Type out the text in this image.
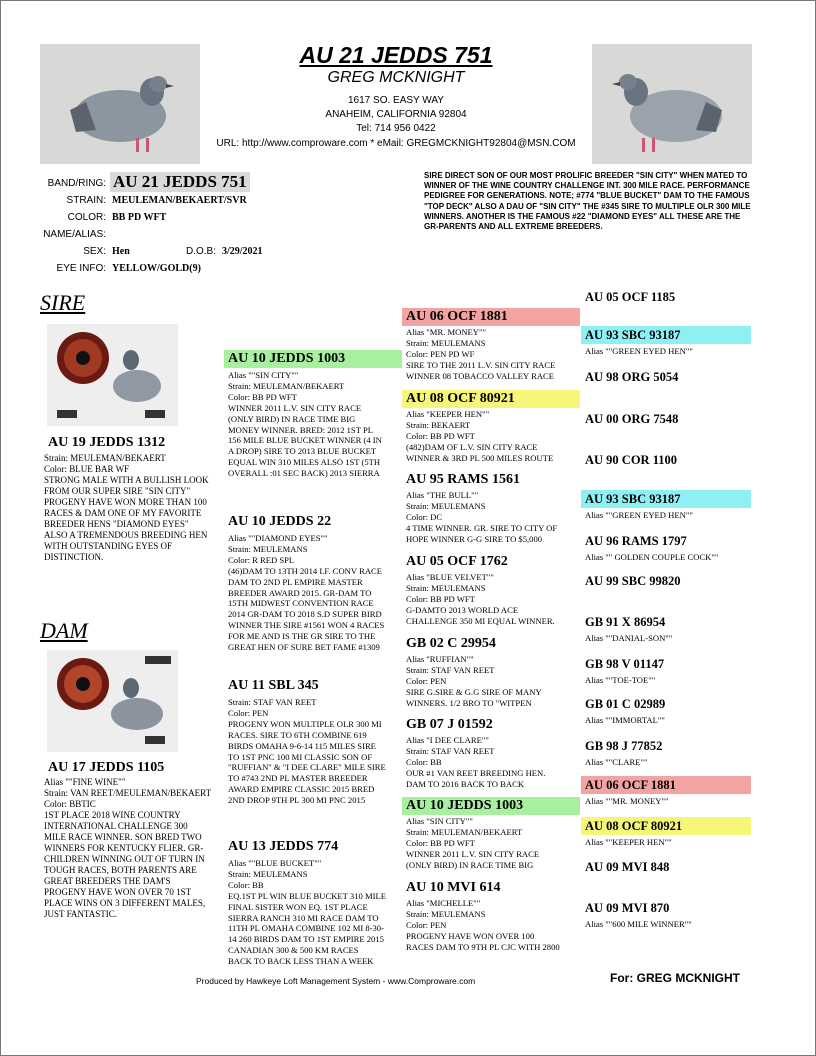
AU 21 JEDDS 751
GREG MCKNIGHT
1617 SO. EASY WAY
ANAHEIM, CALIFORNIA 92804
Tel: 714 956 0422
URL: http://www.comproware.com * eMail: GREGMCKNIGHT92804@MSN.COM
BAND/RING: AU 21 JEDDS 751
STRAIN: MEULEMAN/BEKAERT/SVR
COLOR: BB PD WFT
NAME/ALIAS:
SEX: Hen	D.O.B: 3/29/2021
EYE INFO: YELLOW/GOLD(9)
SIRE DIRECT SON OF OUR MOST PROLIFIC BREEDER "SIN CITY" WHEN MATED TO WINNER OF THE WINE COUNTRY CHALLENGE INT. 300 MILE RACE. PERFORMANCE PEDIGREE FOR GENERATIONS. NOTE; #774 "BLUE BUCKET" DAM TO THE FAMOUS "TOP DECK" ALSO A DAU OF "SIN CITY" THE #345 SIRE TO MULTIPLE OLR 300 MILE WINNERS. ANOTHER IS THE FAMOUS #22 "DIAMOND EYES" ALL THESE ARE THE GR-PARENTS AND ALL EXTREME BREEDERS.
SIRE
AU 19 JEDDS 1312
Strain: MEULEMAN/BEKAERT
Color: BLUE BAR WF
STRONG MALE WITH A BULLISH LOOK
FROM OUR SUPER SIRE "SIN CITY"
PROGENY HAVE WON MORE THAN 100
RACES & DAM ONE OF MY FAVORITE
BREEDER HENS "DIAMOND EYES"
ALSO A TREMENDOUS BREEDING HEN
WITH OUTSTANDING EYES OF
DISTINCTION.
DAM
AU 17 JEDDS 1105
Alias ""FINE WINE""
Strain: VAN REET/MEULEMAN/BEKAERT
Color: BBTIC
1ST PLACE 2018 WINE COUNTRY
INTERNATIONAL CHALLENGE 300
MILE RACE WINNER. SON BRED TWO
WINNERS FOR KENTUCKY FLIER. GR-
CHILDREN WINNING OUT OF TURN IN
TOUGH RACES, BOTH PARENTS ARE
GREAT BREEDERS THE DAM'S
PROGENY HAVE WON OVER 70 1ST
PLACE WINS ON 3 DIFFERENT MALES,
JUST FANTASTIC.
AU 10 JEDDS 1003
Alias ""SIN CITY""
Strain: MEULEMAN/BEKAERT
Color: BB PD WFT
WINNER 2011 L.V. SIN CITY RACE
(ONLY BIRD) IN RACE TIME BIG
MONEY WINNER. BRED: 2012 1ST PL
156 MILE BLUE BUCKET WINNER (4 IN
A DROP) SIRE TO 2013 BLUE BUCKET
EQUAL WIN 310 MILES ALSO 1ST (5TH
OVERALL :01 SEC BACK) 2013 SIERRA
AU 10 JEDDS 22
Alias ""DIAMOND EYES""
Strain: MEULEMANS
Color: R RED SPL
(46)DAM TO 13TH 2014 I.F. CONV RACE
DAM TO 2ND PL EMPIRE MASTER
BREEDER AWARD 2015. GR-DAM TO
15TH MIDWEST CONVENTION RACE
2014 GR-DAM TO 2018 S.D SUPER BIRD
WINNER THE SIRE #1561 WON 4 RACES
FOR ME AND IS THE GR SIRE TO THE
GREAT HEN OF SURE BET FAME #1309
AU 11 SBL 345
Strain: STAF VAN REET
Color: PEN
PROGENY WON MULTIPLE OLR 300 MI
RACES. SIRE TO 6TH COMBINE 619
BIRDS OMAHA 9-6-14 115 MILES SIRE
TO 1ST PNC 100 MI CLASSIC SON OF
"RUFFIAN" & "I DEE CLARE" MILE SIRE
TO #743 2ND PL MASTER BREEDER
AWARD EMPIRE CLASSIC 2015 BRED
2ND DROP 9TH PL 300 MI PNC 2015
AU 13 JEDDS 774
Alias ""BLUE BUCKET""
Strain: MEULEMANS
Color: BB
EQ.1ST PL WIN BLUE BUCKET 310 MILE
FINAL SISTER WON EQ. 1ST PLACE
SIERRA RANCH 310 MI RACE DAM TO
11TH PL OMAHA COMBINE 102 MI 8-30-
14 260 BIRDS DAM TO 1ST EMPIRE 2015
CANADIAN 300 & 500 KM RACES
BACK TO BACK LESS THAN A WEEK
AU 06 OCF 1881
Alias "MR. MONEY""
Strain: MEULEMANS
Color: PEN PD WF
SIRE TO THE 2011 L.V. SIN CITY RACE
WINNER 08 TOBACCO VALLEY RACE
AU 08 OCF 80921
Alias "KEEPER HEN""
Strain: BEKAERT
Color: BB PD WFT
(482)DAM OF L.V. SIN CITY RACE
WINNER & 3RD PL 500 MILES ROUTE
AU 95 RAMS 1561
Alias "THE BULL""
Strain: MEULEMANS
Color: DC
4 TIME WINNER. GR. SIRE TO CITY OF
HOPE WINNER G-G SIRE TO $5,000
AU 05 OCF 1762
Alias "BLUE VELVET""
Strain: MEULEMANS
Color: BB PD WFT
G-DAMTO 2013 WORLD ACE
CHALLENGE 350 MI EQUAL WINNER.
GB 02 C 29954
Alias "RUFFIAN""
Strain: STAF VAN REET
Color: PEN
SIRE G.SIRE & G.G SIRE OF MANY
WINNERS. 1/2 BRO TO "WITPEN
GB 07 J 01592
Alias "I DEE CLARE""
Strain: STAF VAN REET
Color: BB
OUR #1 VAN REET BREEDING HEN.
DAM TO 2016 BACK TO BACK
AU 10 JEDDS 1003
Alias "SIN CITY""
Strain: MEULEMAN/BEKAERT
Color: BB PD WFT
WINNER 2011 L.V. SIN CITY RACE
(ONLY BIRD) IN RACE TIME BIG
AU 10 MVI 614
Alias "MICHELLE""
Strain: MEULEMANS
Color: PEN
PROGENY HAVE WON OVER 100
RACES DAM TO 9TH PL CJC WITH 2800
AU 05 OCF 1185
AU 93 SBC 93187
Alias ""GREEN EYED HEN""
AU 98 ORG 5054
AU 00 ORG 7548
AU 90 COR 1100
AU 93 SBC 93187
Alias ""GREEN EYED HEN""
AU 96 RAMS 1797
Alias "" GOLDEN COUPLE COCK""
AU 99 SBC 99820
GB 91 X 86954
Alias ""DANIAL-SON""
GB 98 V 01147
Alias ""TOE-TOE""
GB 01 C 02989
Alias ""IMMORTAL""
GB 98 J 77852
Alias ""CLARE""
AU 06 OCF 1881
Alias ""MR. MONEY""
AU 08 OCF 80921
Alias ""KEEPER HEN""
AU 09 MVI 848
AU 09 MVI 870
Alias ""600 MILE WINNER""
Produced by Hawkeye Loft Management System - www.Comproware.com	For: GREG MCKNIGHT
